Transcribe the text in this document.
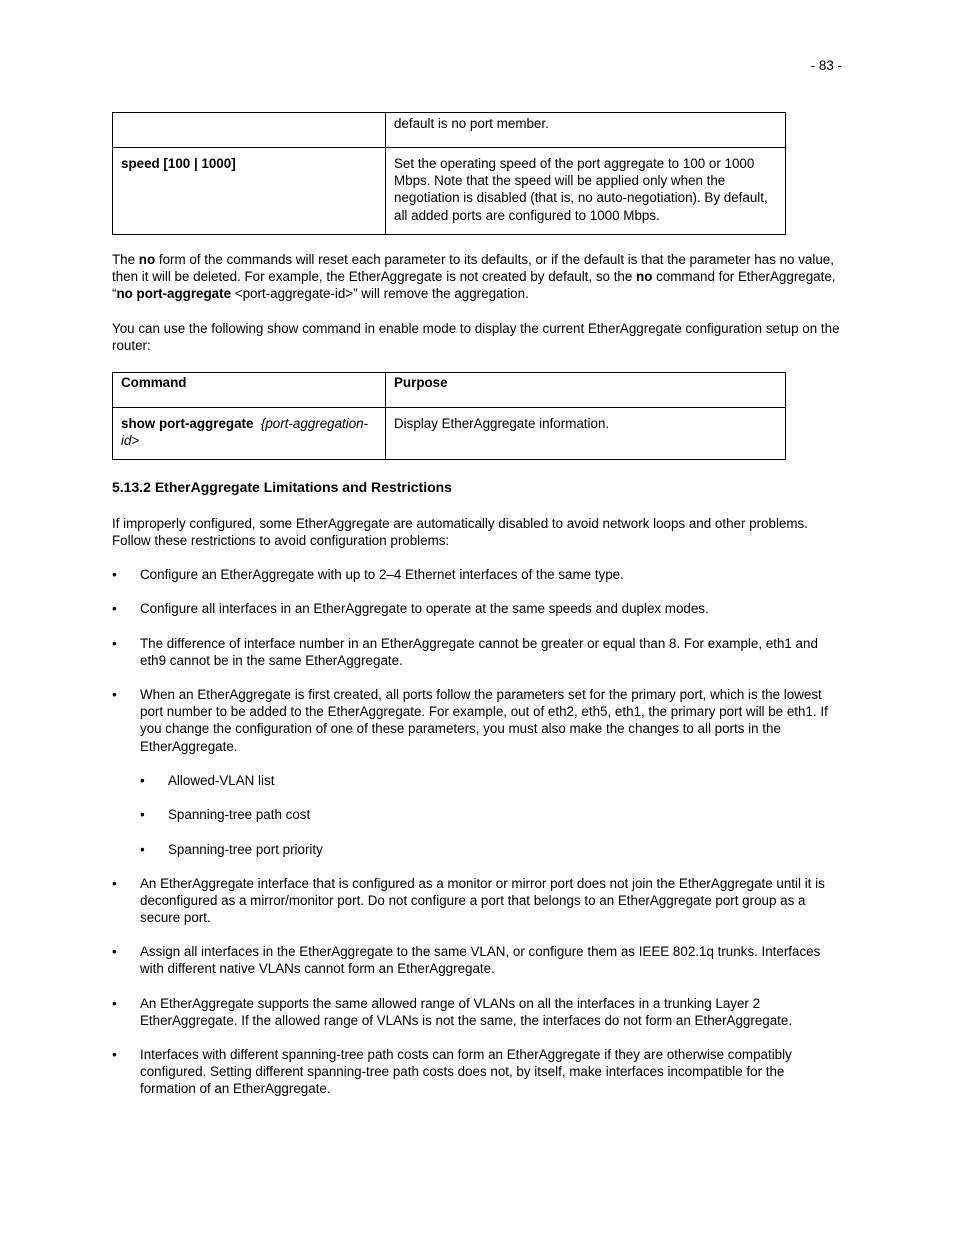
- 83 -
	default is no port member.
speed [100 | 1000]	Set the operating speed of the port aggregate to 100 or 1000 Mbps. Note that the speed will be applied only when the negotiation is disabled (that is, no auto-negotiation). By default, all added ports are configured to 1000 Mbps.
The no form of the commands will reset each parameter to its defaults, or if the default is that the parameter has no value, then it will be deleted. For example, the EtherAggregate is not created by default, so the no command for EtherAggregate, “no port-aggregate <port-aggregate-id>” will remove the aggregation.
You can use the following show command in enable mode to display the current EtherAggregate configuration setup on the router:
Command	Purpose
show port-aggregate {port-aggregation-id>	Display EtherAggregate information.
5.13.2 EtherAggregate Limitations and Restrictions
If improperly configured, some EtherAggregate are automatically disabled to avoid network loops and other problems. Follow these restrictions to avoid configuration problems:
• Configure an EtherAggregate with up to 2–4 Ethernet interfaces of the same type.
• Configure all interfaces in an EtherAggregate to operate at the same speeds and duplex modes.
• The difference of interface number in an EtherAggregate cannot be greater or equal than 8. For example, eth1 and eth9 cannot be in the same EtherAggregate.
• When an EtherAggregate is first created, all ports follow the parameters set for the primary port, which is the lowest port number to be added to the EtherAggregate. For example, out of eth2, eth5, eth1, the primary port will be eth1. If you change the configuration of one of these parameters, you must also make the changes to all ports in the EtherAggregate.
• Allowed-VLAN list
• Spanning-tree path cost
• Spanning-tree port priority
• An EtherAggregate interface that is configured as a monitor or mirror port does not join the EtherAggregate until it is deconfigured as a mirror/monitor port. Do not configure a port that belongs to an EtherAggregate port group as a secure port.
• Assign all interfaces in the EtherAggregate to the same VLAN, or configure them as IEEE 802.1q trunks. Interfaces with different native VLANs cannot form an EtherAggregate.
• An EtherAggregate supports the same allowed range of VLANs on all the interfaces in a trunking Layer 2 EtherAggregate. If the allowed range of VLANs is not the same, the interfaces do not form an EtherAggregate.
• Interfaces with different spanning-tree path costs can form an EtherAggregate if they are otherwise compatibly configured. Setting different spanning-tree path costs does not, by itself, make interfaces incompatible for the formation of an EtherAggregate.
